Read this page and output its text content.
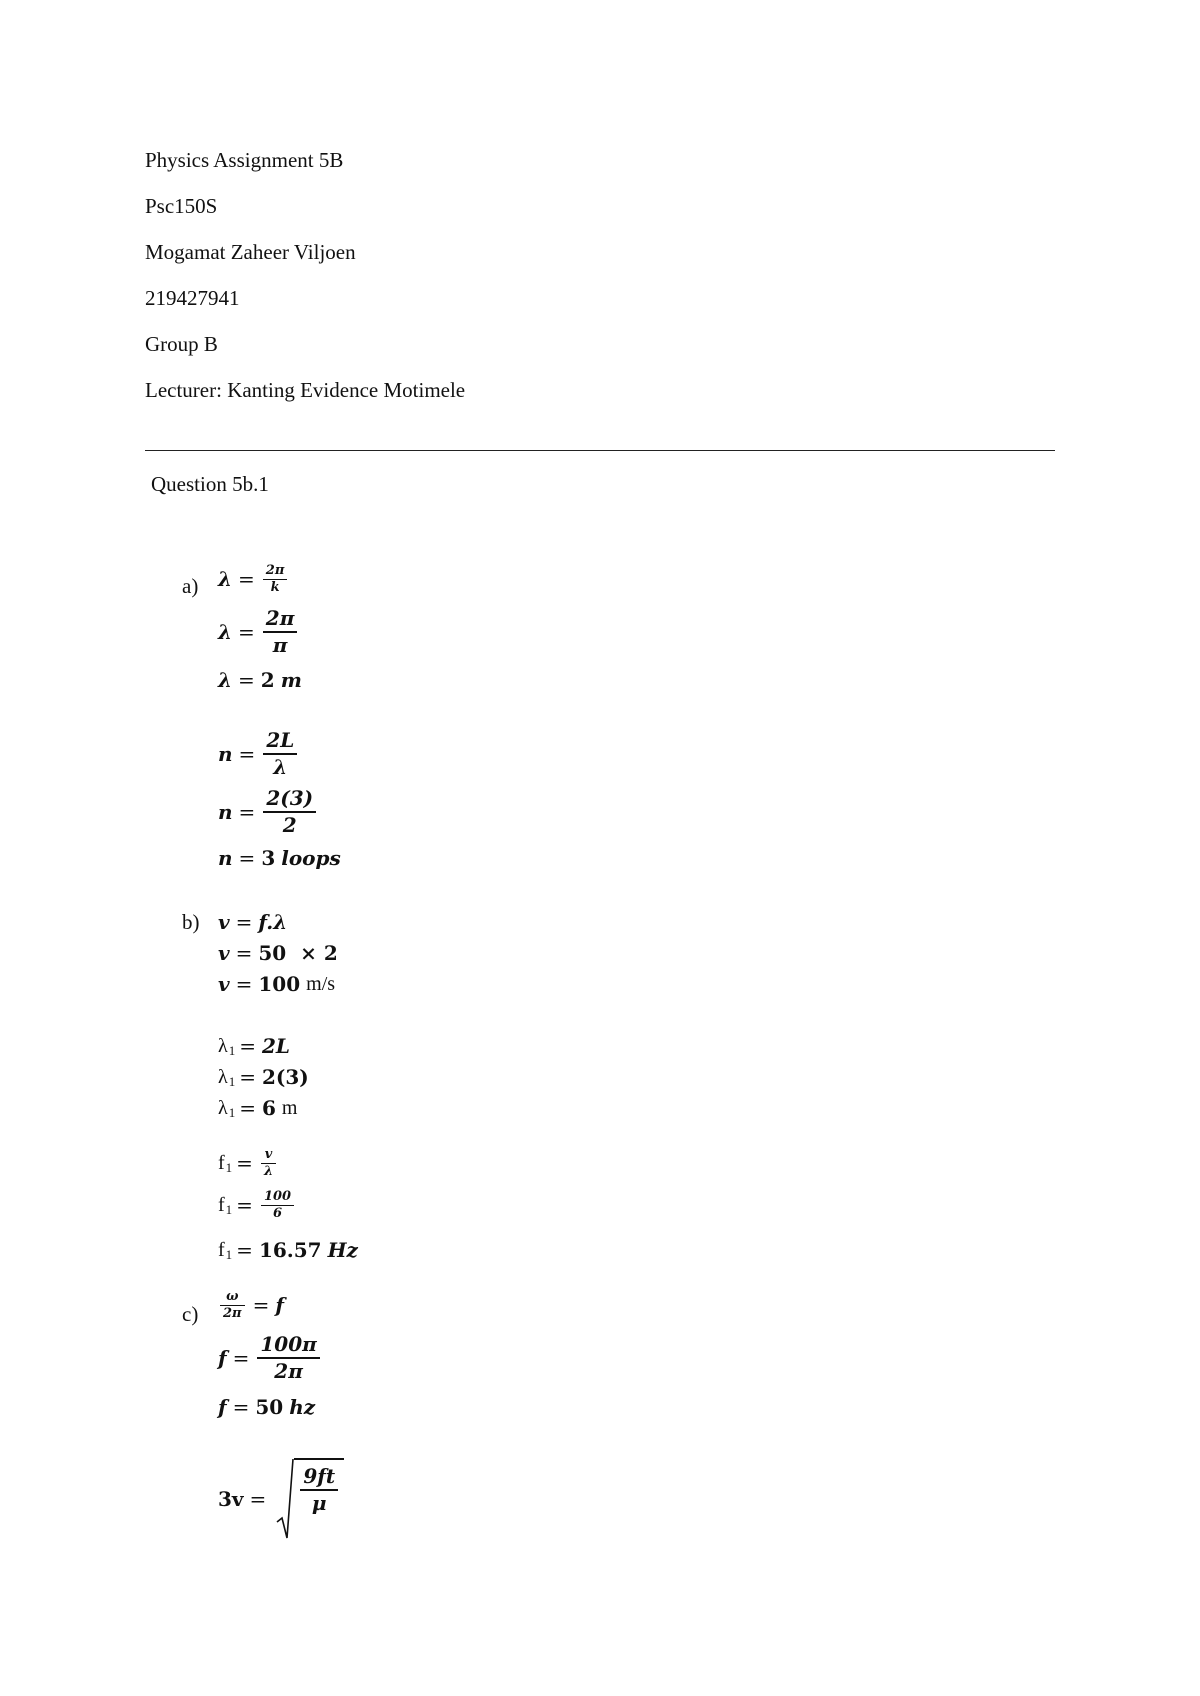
Physics Assignment 5B
Psc150S
Mogamat Zaheer Viljoen
219427941
Group B
Lecturer: Kanting Evidence Motimele
Question 5b.1
a) $\lambda = \frac{2\pi}{k}$
$\lambda = \frac{2\pi}{\pi}$
λ = 2 m
$n = \frac{2L}{\lambda}$
$n = \frac{2(3)}{2}$
n = 3 loops
b) v = f.λ
v = 50  × 2
v = 100 m/s
λ 1 = 2L
λ 1 = 2(3)
λ 1 = 6 m
f $1 = \frac{v}{\lambda}$
f $1 = \frac{100}{6}$
f 1 = 16.57 Hz
$c) \frac{\omega}{2\pi} = f$
$f = \frac{100\pi}{2\pi}$
f = 50 hz
$3v = \frac{9ft}{\mu}$
